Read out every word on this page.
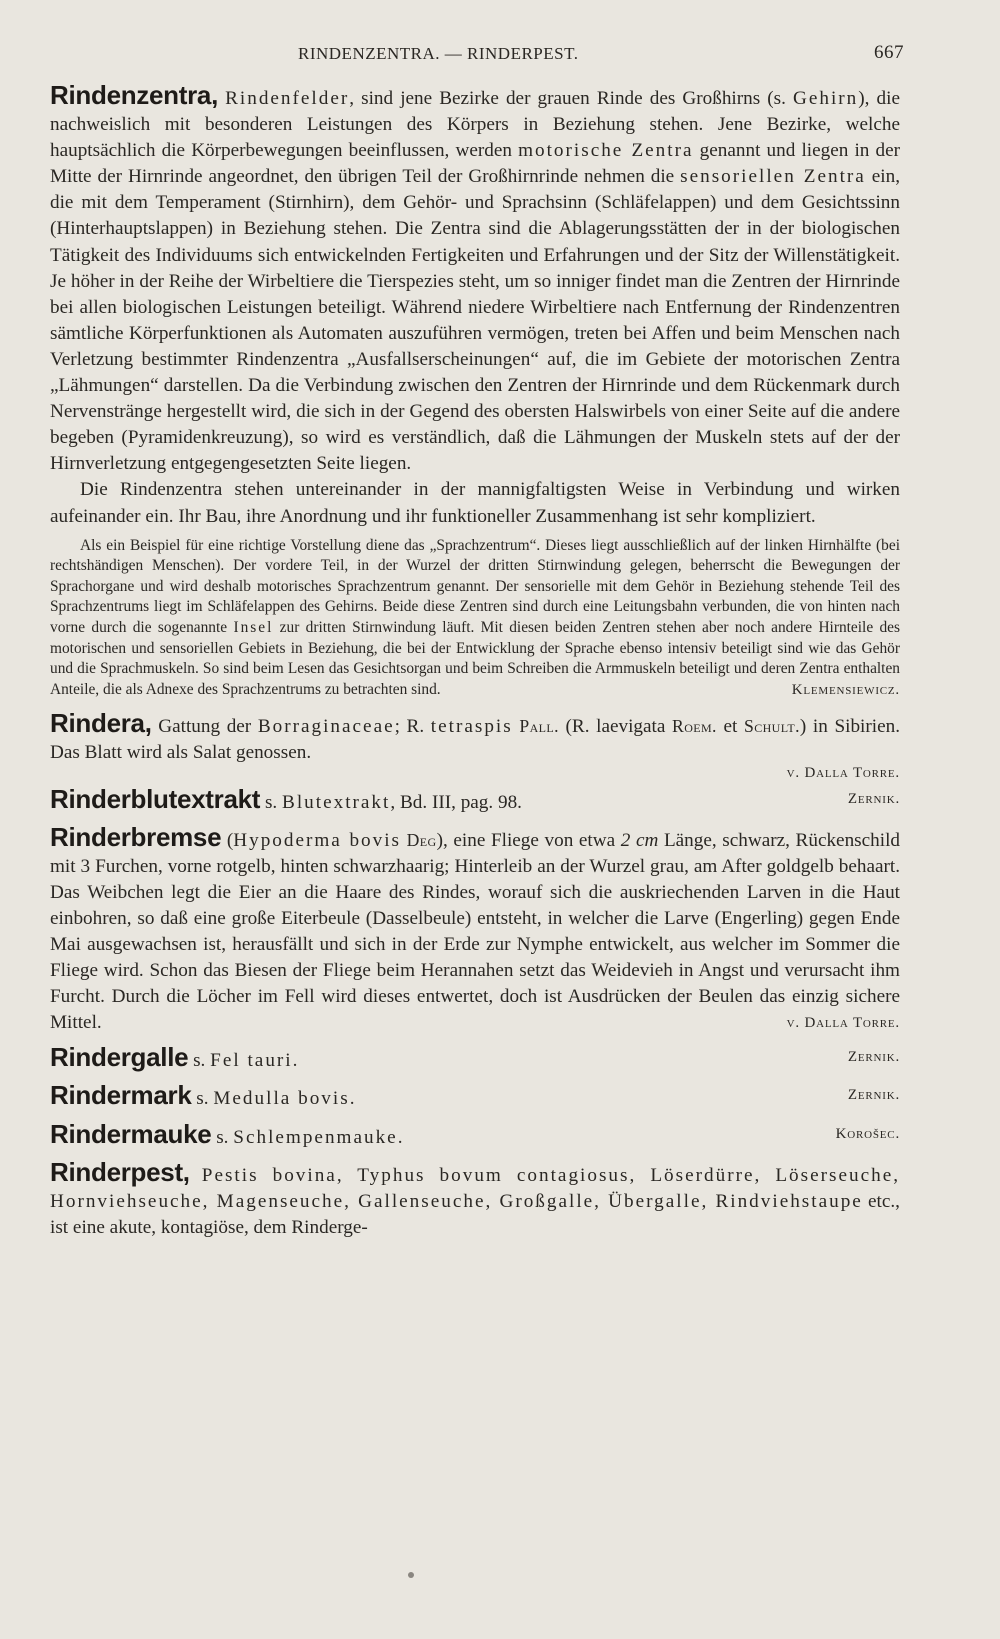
RINDENZENTRA. — RINDERPEST.	667

Rindenzentra, Rindenfelder, sind jene Bezirke der grauen Rinde des Großhirns (s. Gehirn), die nachweislich mit besonderen Leistungen des Körpers in Beziehung stehen. Jene Bezirke, welche hauptsächlich die Körperbewegungen beeinflussen, werden motorische Zentra genannt und liegen in der Mitte der Hirnrinde angeordnet, den übrigen Teil der Großhirnrinde nehmen die sensoriellen Zentra ein, die mit dem Temperament (Stirnhirn), dem Gehör- und Sprachsinn (Schläfelappen) und dem Gesichtssinn (Hinterhauptslappen) in Beziehung stehen. Die Zentra sind die Ablagerungsstätten der in der biologischen Tätigkeit des Individuums sich entwickelnden Fertigkeiten und Erfahrungen und der Sitz der Willenstätigkeit. Je höher in der Reihe der Wirbeltiere die Tierspezies steht, um so inniger findet man die Zentren der Hirnrinde bei allen biologischen Leistungen beteiligt. Während niedere Wirbeltiere nach Entfernung der Rindenzentren sämtliche Körperfunktionen als Automaten auszuführen vermögen, treten bei Affen und beim Menschen nach Verletzung bestimmter Rindenzentra „Ausfallserscheinungen“ auf, die im Gebiete der motorischen Zentra „Lähmungen“ darstellen. Da die Verbindung zwischen den Zentren der Hirnrinde und dem Rückenmark durch Nervenstränge hergestellt wird, die sich in der Gegend des obersten Halswirbels von einer Seite auf die andere begeben (Pyramidenkreuzung), so wird es verständlich, daß die Lähmungen der Muskeln stets auf der der Hirnverletzung entgegengesetzten Seite liegen.

Die Rindenzentra stehen untereinander in der mannigfaltigsten Weise in Verbindung und wirken aufeinander ein. Ihr Bau, ihre Anordnung und ihr funktioneller Zusammenhang ist sehr kompliziert.

Als ein Beispiel für eine richtige Vorstellung diene das „Sprachzentrum“. Dieses liegt ausschließlich auf der linken Hirnhälfte (bei rechtshändigen Menschen). Der vordere Teil, in der Wurzel der dritten Stirnwindung gelegen, beherrscht die Bewegungen der Sprachorgane und wird deshalb motorisches Sprachzentrum genannt. Der sensorielle mit dem Gehör in Beziehung stehende Teil des Sprachzentrums liegt im Schläfelappen des Gehirns. Beide diese Zentren sind durch eine Leitungsbahn verbunden, die von hinten nach vorne durch die sogenannte Insel zur dritten Stirnwindung läuft. Mit diesen beiden Zentren stehen aber noch andere Hirnteile des motorischen und sensoriellen Gebiets in Beziehung, die bei der Entwicklung der Sprache ebenso intensiv beteiligt sind wie das Gehör und die Sprachmuskeln. So sind beim Lesen das Gesichtsorgan und beim Schreiben die Armmuskeln beteiligt und deren Zentra enthalten Anteile, die als Adnexe des Sprachzentrums zu betrachten sind.	Klemensiewicz.

Rindera, Gattung der Borraginaceae; R. tetraspis Pall. (R. laevigata Roem. et Schult.) in Sibirien. Das Blatt wird als Salat genossen.

v. Dalla Torre.

Rinderblutextrakt s. Blutextrakt, Bd. III, pag. 98.	Zernik.

Rinderbremse (Hypoderma bovis Deg), eine Fliege von etwa 2 cm Länge, schwarz, Rückenschild mit 3 Furchen, vorne rotgelb, hinten schwarzhaarig; Hinterleib an der Wurzel grau, am After goldgelb behaart. Das Weibchen legt die Eier an die Haare des Rindes, worauf sich die auskriechenden Larven in die Haut einbohren, so daß eine große Eiterbeule (Dasselbeule) entsteht, in welcher die Larve (Engerling) gegen Ende Mai ausgewachsen ist, herausfällt und sich in der Erde zur Nymphe entwickelt, aus welcher im Sommer die Fliege wird. Schon das Biesen der Fliege beim Herannahen setzt das Weidevieh in Angst und verursacht ihm Furcht. Durch die Löcher im Fell wird dieses entwertet, doch ist Ausdrücken der Beulen das einzig sichere Mittel.	v. Dalla Torre.

Rindergalle s. Fel tauri.	Zernik.

Rindermark s. Medulla bovis.	Zernik.

Rindermauke s. Schlempenmauke.	Korošec.

Rinderpest, Pestis bovina, Typhus bovum contagiosus, Löserdürre, Löserseuche, Hornviehseuche, Magenseuche, Gallenseuche, Großgalle, Übergalle, Rindviehstaupe etc., ist eine akute, kontagiöse, dem Rinderge-
